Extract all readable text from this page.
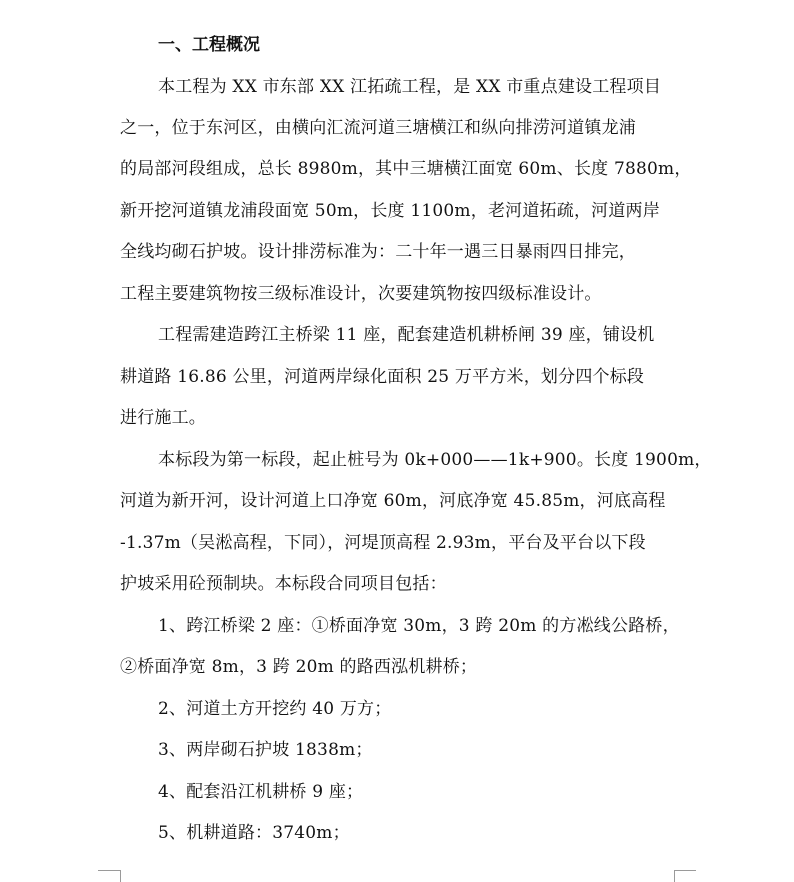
一、工程概况
本工程为 XX 市东部 XX 江拓疏工程，是 XX 市重点建设工程项目
之一，位于东河区，由横向汇流河道三塘横江和纵向排涝河道镇龙浦
的局部河段组成，总长 8980m，其中三塘横江面宽 60m、长度 7880m，
新开挖河道镇龙浦段面宽 50m，长度 1100m，老河道拓疏，河道两岸
全线均砌石护坡。设计排涝标准为：二十年一遇三日暴雨四日排完，
工程主要建筑物按三级标准设计，次要建筑物按四级标准设计。
工程需建造跨江主桥梁 11 座，配套建造机耕桥闸 39 座，铺设机
耕道路 16.86 公里，河道两岸绿化面积 25 万平方米，划分四个标段
进行施工。
本标段为第一标段，起止桩号为 0k+000——1k+900。长度 1900m，
河道为新开河，设计河道上口净宽 60m，河底净宽 45.85m，河底高程
-1.37m（吴淞高程，下同），河堤顶高程 2.93m，平台及平台以下段
护坡采用砼预制块。本标段合同项目包括：
1、跨江桥梁 2 座：①桥面净宽 30m，3 跨 20m 的方凇线公路桥，
②桥面净宽 8m，3 跨 20m 的路西泓机耕桥；
2、河道土方开挖约 40 万方；
3、两岸砌石护坡 1838m；
4、配套沿江机耕桥 9 座；
5、机耕道路：3740m；
